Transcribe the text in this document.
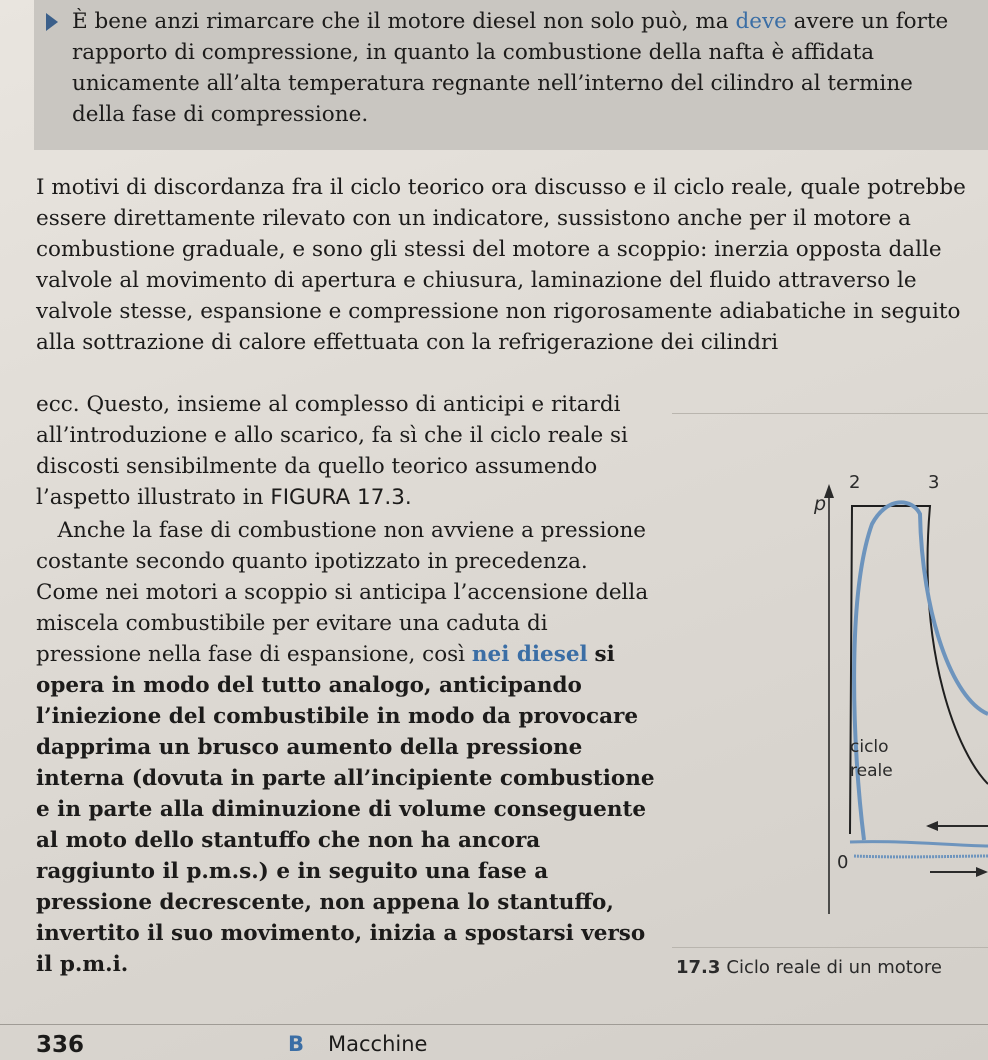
È bene anzi rimarcare che il motore diesel non solo può, ma deve avere un forte rapporto di compressione, in quanto la combustione della nafta è affidata unicamente all’alta temperatura regnante nell’interno del cilindro al termine della fase di compressione.

I motivi di discordanza fra il ciclo teorico ora discusso e il ciclo reale, quale potrebbe essere direttamente rilevato con un indicatore, sussistono anche per il motore a combustione graduale, e sono gli stessi del motore a scoppio: inerzia opposta dalle valvole al movimento di apertura e chiusura, laminazione del fluido attraverso le valvole stesse, espansione e compressione non rigorosamente adiabatiche in seguito alla sottrazione di calore effettuata con la refrigerazione dei cilindri

ecc. Questo, insieme al complesso di anticipi e ritardi all’introduzione e allo scarico, fa sì che il ciclo reale si discosti sensibilmente da quello teorico assumendo l’aspetto illustrato in FIGURA 17.3.

 Anche la fase di combustione non avviene a pressione costante secondo quanto ipotizzato in precedenza. Come nei motori a scoppio si anticipa l’accensione della miscela combustibile per evitare una caduta di pressione nella fase di espansione, così nei diesel si opera in modo del tutto analogo, anticipando l’iniezione del combustibile in modo da provocare dapprima un brusco aumento della pressione interna (dovuta in parte all’incipiente combustione e in parte alla diminuzione di volume conseguente al moto dello stantuffo che non ha ancora raggiunto il p.m.s.) e in seguito una fase a pressione decrescente, non appena lo stantuffo, invertito il suo movimento, inizia a spostarsi verso il p.m.i.

p
2	3
0
ciclo
reale
17.3 Ciclo reale di un motore
336	B Macchine
